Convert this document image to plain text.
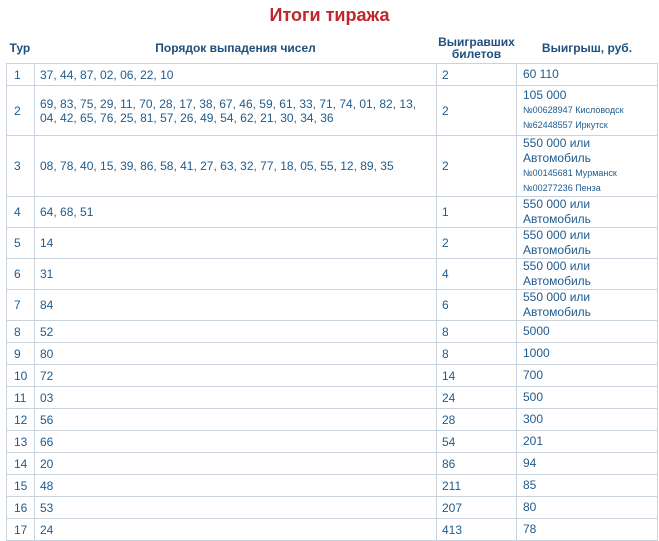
Итоги тиража
Тур	Порядок выпадения чисел	Выигравших билетов	Выигрыш, руб.
1	37, 44, 87, 02, 06, 22, 10	2	60 110

2	69, 83, 75, 29, 11, 70, 28, 17, 38, 67, 46, 59, 61, 33, 71, 74, 01, 82, 13, 04, 42, 65, 76, 25, 81, 57, 26, 49, 54, 62, 21, 30, 34, 36	2	105 000
№00628947 Кисловодск
№62448557 Иркутск

3	08, 78, 40, 15, 39, 86, 58, 41, 27, 63, 32, 77, 18, 05, 55, 12, 89, 35	2	550 000 или Автомобиль
№00145681 Мурманск
№00277236 Пенза

4	64, 68, 51	1	550 000 или Автомобиль

5	14	2	550 000 или Автомобиль

6	31	4	550 000 или Автомобиль

7	84	6	550 000 или Автомобиль

8	52	8	5000

9	80	8	1000

10	72	14	700

11	03	24	500

12	56	28	300

13	66	54	201

14	20	86	94

15	48	211	85

16	53	207	80

17	24	413	78
